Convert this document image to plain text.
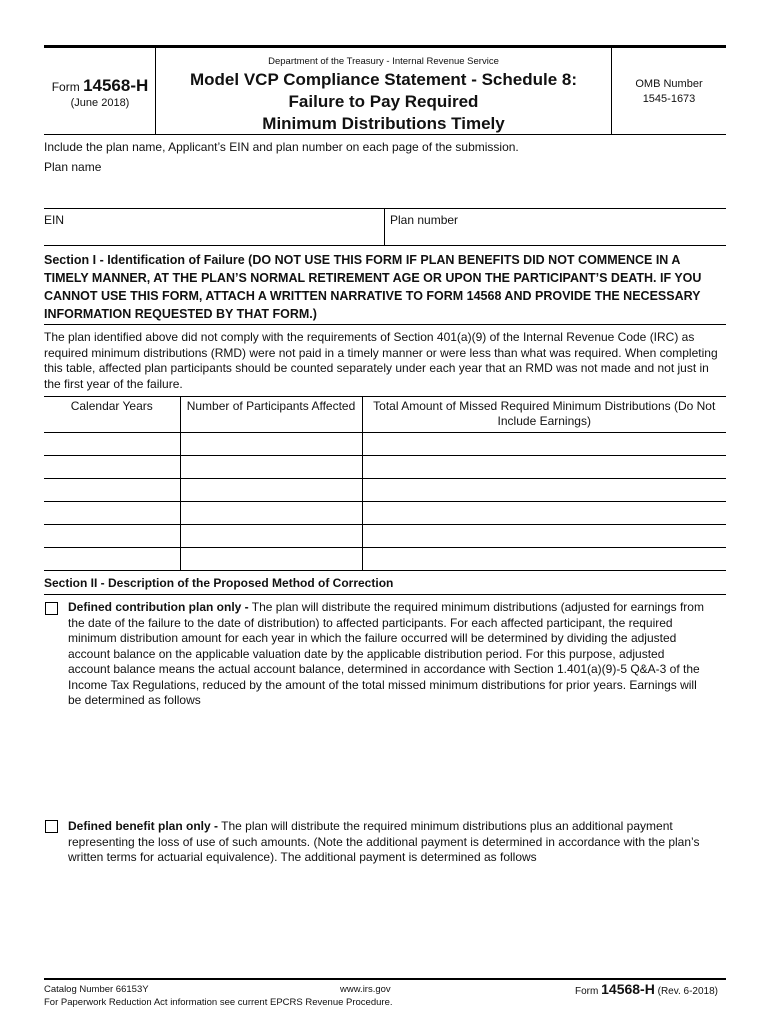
Form 14568-H
(June 2018)
Department of the Treasury - Internal Revenue Service
Model VCP Compliance Statement - Schedule 8:
Failure to Pay Required
Minimum Distributions Timely
OMB Number
1545-1673
Include the plan name, Applicant’s EIN and plan number on each page of the submission.
Plan name
EIN	Plan number
Section I - Identification of Failure (DO NOT USE THIS FORM IF PLAN BENEFITS DID NOT COMMENCE IN A TIMELY MANNER, AT THE PLAN’S NORMAL RETIREMENT AGE OR UPON THE PARTICIPANT’S DEATH. IF YOU CANNOT USE THIS FORM, ATTACH A WRITTEN NARRATIVE TO FORM 14568 AND PROVIDE THE NECESSARY INFORMATION REQUESTED BY THAT FORM.)
The plan identified above did not comply with the requirements of Section 401(a)(9) of the Internal Revenue Code (IRC) as required minimum distributions (RMD) were not paid in a timely manner or were less than what was required. When completing this table, affected plan participants should be counted separately under each year that an RMD was not made and not just in the first year of the failure.
Calendar Years	Number of Participants Affected	Total Amount of Missed Required Minimum Distributions (Do Not Include Earnings)

Section II - Description of the Proposed Method of Correction
Defined contribution plan only - The plan will distribute the required minimum distributions (adjusted for earnings from the date of the failure to the date of distribution) to affected participants. For each affected participant, the required minimum distribution amount for each year in which the failure occurred will be determined by dividing the adjusted account balance on the applicable valuation date by the applicable distribution period. For this purpose, adjusted account balance means the actual account balance, determined in accordance with Section 1.401(a)(9)-5 Q&A-3 of the Income Tax Regulations, reduced by the amount of the total missed minimum distributions for prior years. Earnings will be determined as follows
Defined benefit plan only - The plan will distribute the required minimum distributions plus an additional payment representing the loss of use of such amounts. (Note the additional payment is determined in accordance with the plan’s written terms for actuarial equivalence). The additional payment is determined as follows
Catalog Number 66153Y	www.irs.gov
For Paperwork Reduction Act information see current EPCRS Revenue Procedure.
Form 14568-H (Rev. 6-2018)
